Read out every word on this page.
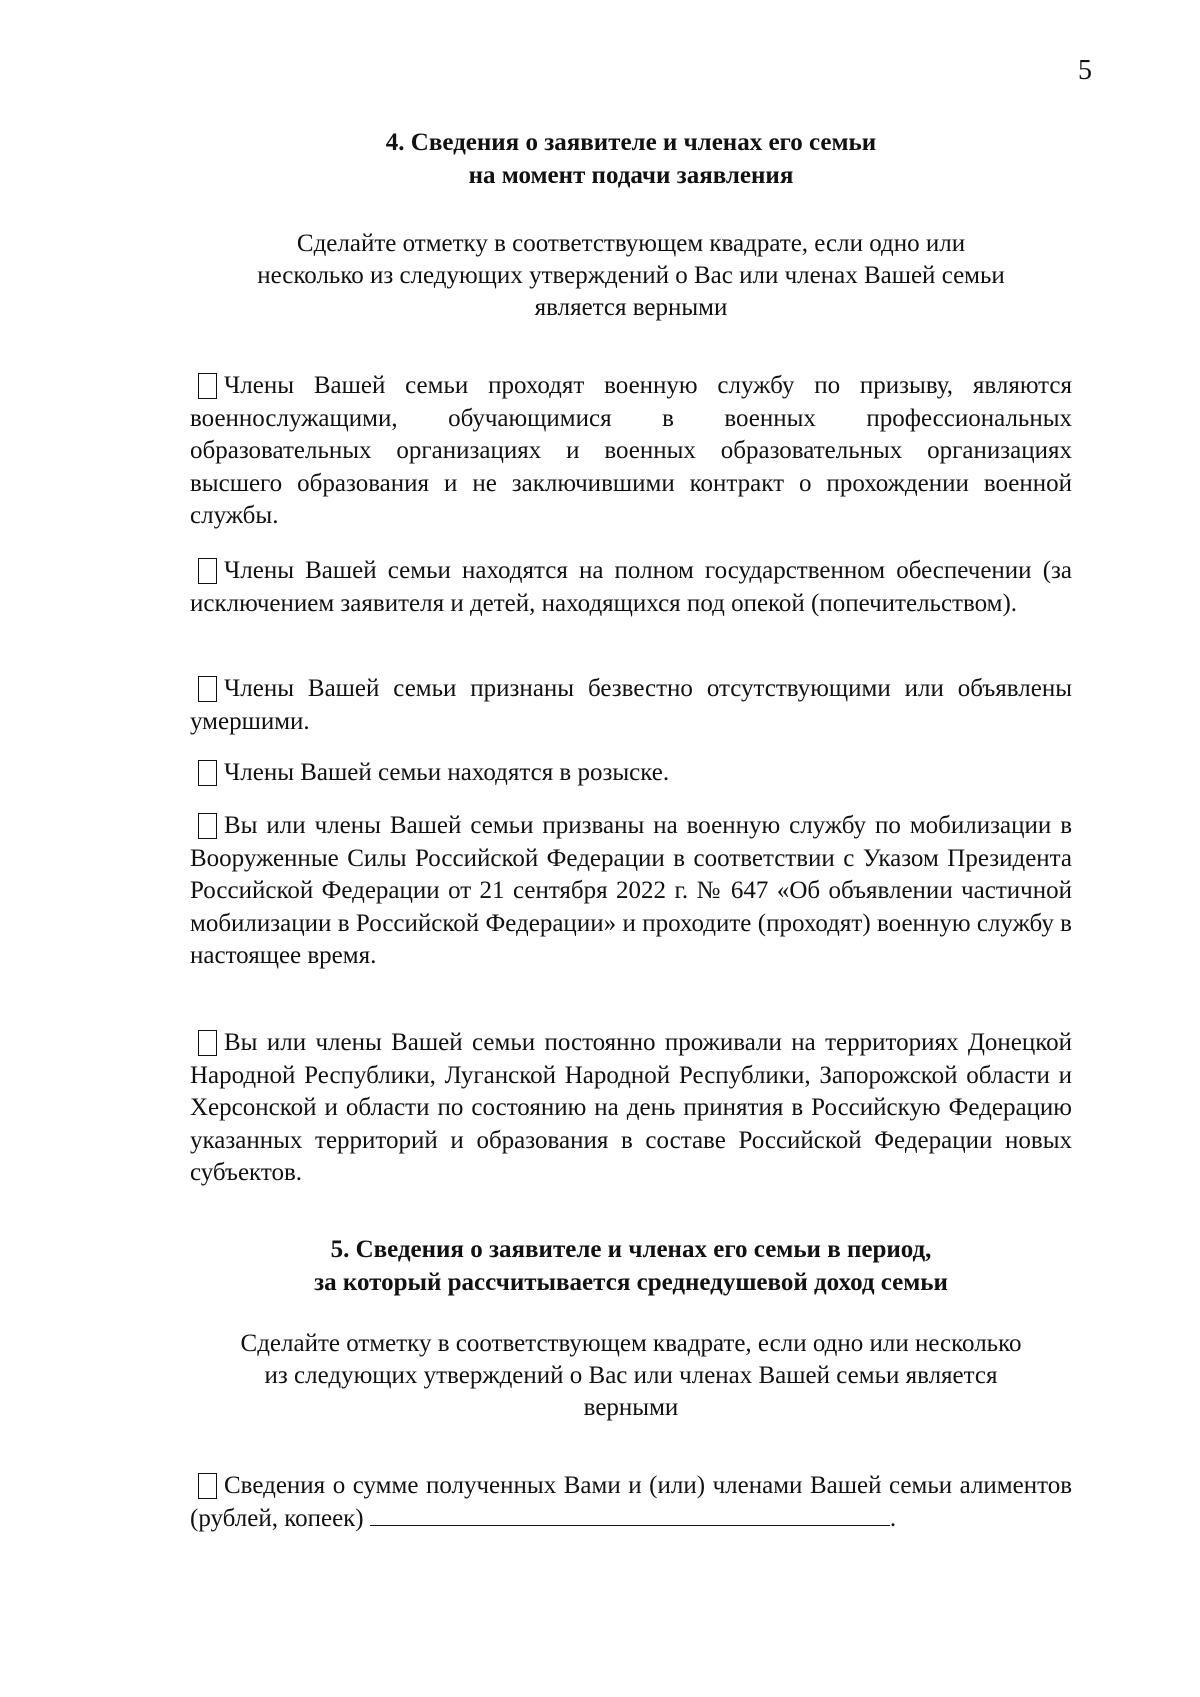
5
4. Сведения о заявителе и членах его семьи
на момент подачи заявления
Сделайте отметку в соответствующем квадрате, если одно или
несколько из следующих утверждений о Вас или членах Вашей семьи
является верными

Члены Вашей семьи проходят военную службу по призыву, являются военнослужащими, обучающимися в военных профессиональных образовательных организациях и военных образовательных организациях высшего образования и не заключившими контракт о прохождении военной службы.

Члены Вашей семьи находятся на полном государственном обеспечении (за исключением заявителя и детей, находящихся под опекой (попечительством).

Члены Вашей семьи признаны безвестно отсутствующими или объявлены умершими.

Члены Вашей семьи находятся в розыске.

Вы или члены Вашей семьи призваны на военную службу по мобилизации в Вооруженные Силы Российской Федерации в соответствии с Указом Президента Российской Федерации от 21 сентября 2022 г. № 647 «Об объявлении частичной мобилизации в Российской Федерации» и проходите (проходят) военную службу в настоящее время.

Вы или члены Вашей семьи постоянно проживали на территориях Донецкой Народной Республики, Луганской Народной Республики, Запорожской области и Херсонской и области по состоянию на день принятия в Российскую Федерацию указанных территорий и образования в составе Российской Федерации новых субъектов.

5. Сведения о заявителе и членах его семьи в период,
за который рассчитывается среднедушевой доход семьи
Сделайте отметку в соответствующем квадрате, если одно или несколько
из следующих утверждений о Вас или членах Вашей семьи является
верными

Сведения о сумме полученных Вами и (или) членами Вашей семьи алиментов (рублей, копеек)	.
